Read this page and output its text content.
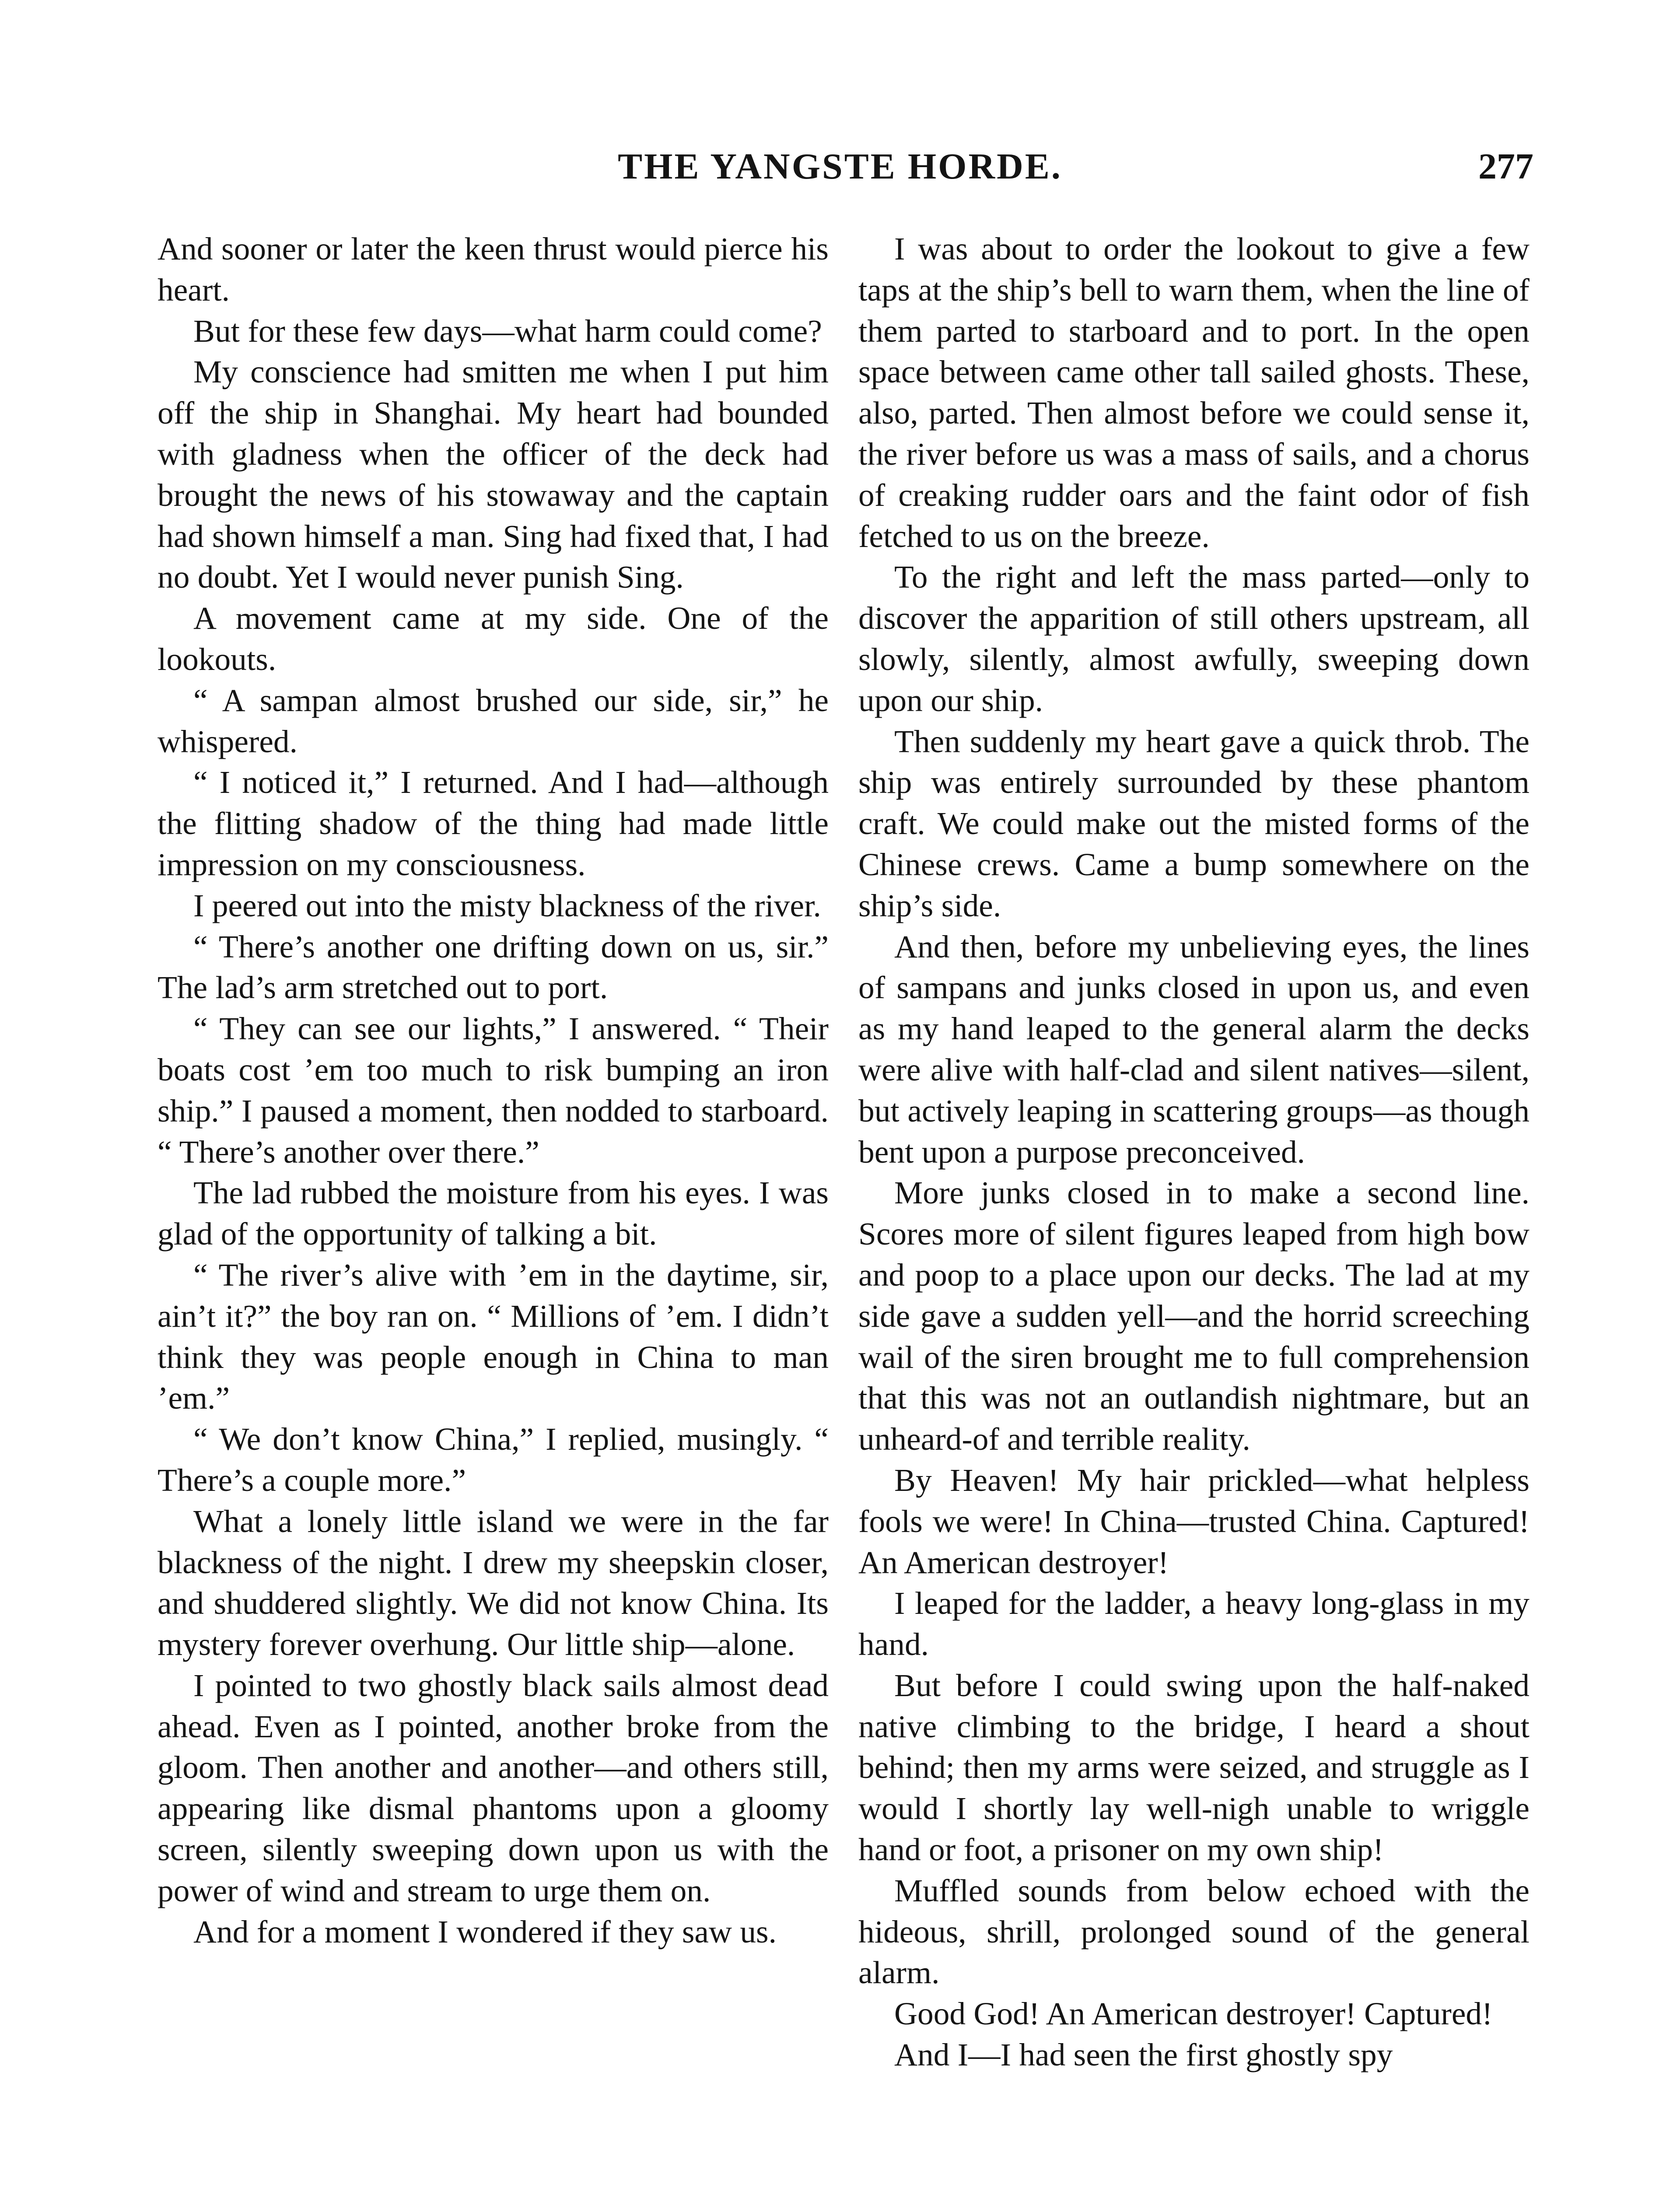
THE YANGSTE HORDE.	277

And sooner or later the keen thrust would pierce his heart.

But for these few days—what harm could come?

My conscience had smitten me when I put him off the ship in Shanghai. My heart had bounded with gladness when the officer of the deck had brought the news of his stowaway and the captain had shown himself a man. Sing had fixed that, I had no doubt. Yet I would never punish Sing.

A movement came at my side. One of the lookouts.

“ A sampan almost brushed our side, sir,” he whispered.

“ I noticed it,” I returned. And I had—although the flitting shadow of the thing had made little impression on my consciousness.

I peered out into the misty blackness of the river.

“ There’s another one drifting down on us, sir.” The lad’s arm stretched out to port.

“ They can see our lights,” I answered. “ Their boats cost ’em too much to risk bumping an iron ship.” I paused a moment, then nodded to starboard. “ There’s another over there.”

The lad rubbed the moisture from his eyes. I was glad of the opportunity of talking a bit.

“ The river’s alive with ’em in the daytime, sir, ain’t it?” the boy ran on. “ Millions of ’em. I didn’t think they was people enough in China to man ’em.”

“ We don’t know China,” I replied, musingly. “ There’s a couple more.”

What a lonely little island we were in the far blackness of the night. I drew my sheepskin closer, and shuddered slightly. We did not know China. Its mystery forever overhung. Our little ship—alone.

I pointed to two ghostly black sails almost dead ahead. Even as I pointed, another broke from the gloom. Then another and another—and others still, appearing like dismal phantoms upon a gloomy screen, silently sweeping down upon us with the power of wind and stream to urge them on.

And for a moment I wondered if they saw us.

I was about to order the lookout to give a few taps at the ship’s bell to warn them, when the line of them parted to starboard and to port. In the open space between came other tall sailed ghosts. These, also, parted. Then almost before we could sense it, the river before us was a mass of sails, and a chorus of creaking rudder oars and the faint odor of fish fetched to us on the breeze.

To the right and left the mass parted—only to discover the apparition of still others upstream, all slowly, silently, almost awfully, sweeping down upon our ship.

Then suddenly my heart gave a quick throb. The ship was entirely surrounded by these phantom craft. We could make out the misted forms of the Chinese crews. Came a bump somewhere on the ship’s side.

And then, before my unbelieving eyes, the lines of sampans and junks closed in upon us, and even as my hand leaped to the general alarm the decks were alive with half-clad and silent natives—silent, but actively leaping in scattering groups—as though bent upon a purpose preconceived.

More junks closed in to make a second line. Scores more of silent figures leaped from high bow and poop to a place upon our decks. The lad at my side gave a sudden yell—and the horrid screeching wail of the siren brought me to full comprehension that this was not an outlandish nightmare, but an unheard-of and terrible reality.

By Heaven! My hair prickled—what helpless fools we were! In China—trusted China. Captured! An American destroyer!

I leaped for the ladder, a heavy long-glass in my hand.

But before I could swing upon the half-naked native climbing to the bridge, I heard a shout behind; then my arms were seized, and struggle as I would I shortly lay well-nigh unable to wriggle hand or foot, a prisoner on my own ship!

Muffled sounds from below echoed with the hideous, shrill, prolonged sound of the general alarm.

Good God! An American destroyer! Captured!

And I—I had seen the first ghostly spy
